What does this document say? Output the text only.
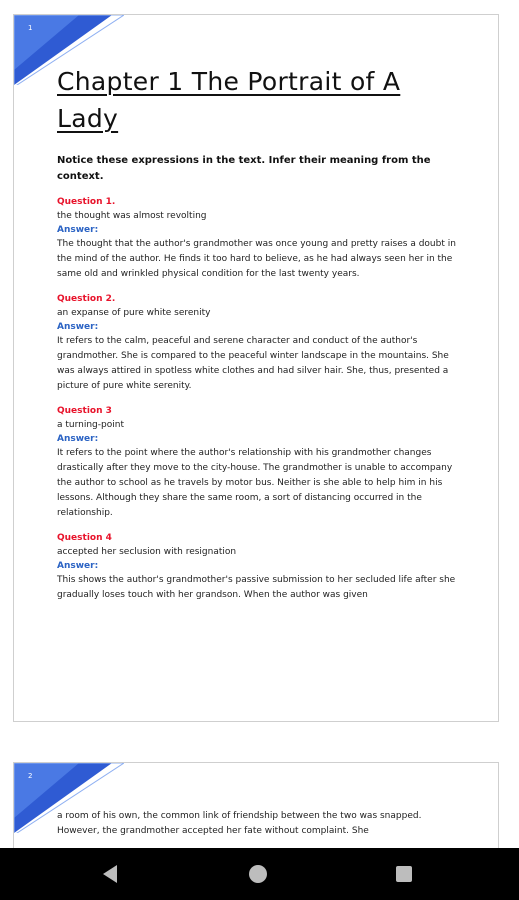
1
Chapter 1 The Portrait of A Lady
Notice these expressions in the text. Infer their meaning from the context.
Question 1.
the thought was almost revolting
Answer:
The thought that the author's grandmother was once young and pretty raises a doubt in the mind of the author. He finds it too hard to believe, as he had always seen her in the same old and wrinkled physical condition for the last twenty years.
Question 2.
an expanse of pure white serenity
Answer:
It refers to the calm, peaceful and serene character and conduct of the author's grandmother. She is compared to the peaceful winter landscape in the mountains. She was always attired in spotless white clothes and had silver hair. She, thus, presented a picture of pure white serenity.
Question 3
a turning-point
Answer:
It refers to the point where the author's relationship with his grandmother changes drastically after they move to the city-house. The grandmother is unable to accompany the author to school as he travels by motor bus. Neither is she able to help him in his lessons. Although they share the same room, a sort of distancing occurred in the relationship.
Question 4
accepted her seclusion with resignation
Answer:
This shows the author's grandmother's passive submission to her secluded life after she gradually loses touch with her grandson. When the author was given
2
a room of his own, the common link of friendship between the two was snapped. However, the grandmother accepted her fate without complaint. She
